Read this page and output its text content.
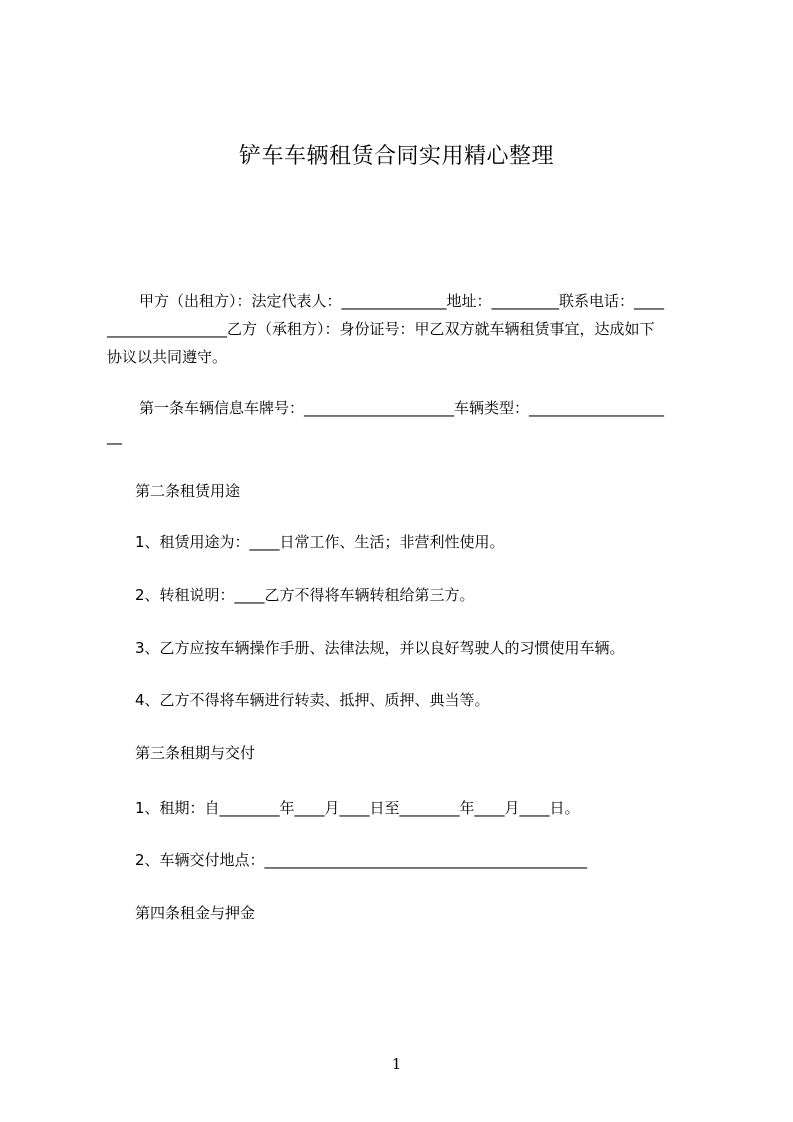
铲车车辆租赁合同实用精心整理
甲方（出租方）：法定代表人：______________地址：_________联系电话：____
________________乙方（承租方）：身份证号：甲乙双方就车辆租赁事宜，达成如下
协议以共同遵守。
第一条车辆信息车牌号：____________________车辆类型：__________________
__
第二条租赁用途
1、租赁用途为：____日常工作、生活；非营利性使用。
2、转租说明：____乙方不得将车辆转租给第三方。
3、乙方应按车辆操作手册、法律法规，并以良好驾驶人的习惯使用车辆。
4、乙方不得将车辆进行转卖、抵押、质押、典当等。
第三条租期与交付
1、租期：自________年____月____日至________年____月____日。
2、车辆交付地点：___________________________________________
第四条租金与押金
1
